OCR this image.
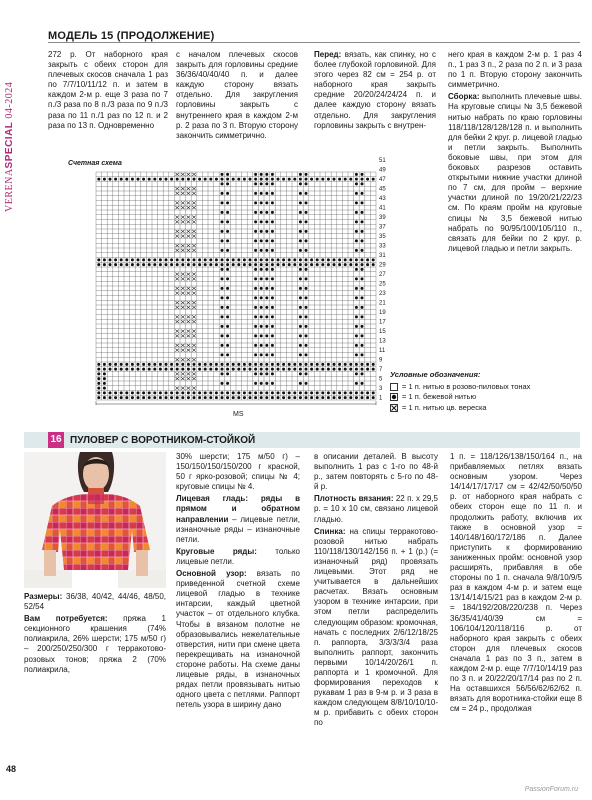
VERENASPECIAL 04-2024
48
МОДЕЛЬ 15 (ПРОДОЛЖЕНИЕ)

272 р. От наборного края закрыть с обеих сторон для плечевых скосов сначала 1 раз по 7/7/10/11/12 п. и затем в каждом 2-м р. еще 3 раза по 7 п./3 раза по 8 п./3 раза по 9 п./3 раза по 11 п./1 раз по 12 п. и 2 раза по 13 п. Одновременно

с началом плечевых скосов закрыть для горловины средние 36/36/40/40/40 п. и далее каждую сторону вязать отдельно. Для закругления горловины закрыть с внутреннего края в каждом 2-м р. 2 раза по 3 п. Вторую сторону закончить симметрично.

Перед: вязать, как спинку, но с более глубокой горловиной. Для этого через 82 см = 254 р. от наборного края закрыть средние 20/20/24/24/24 п. и далее каждую сторону вязать отдельно. Для закругления горловины закрыть с внутрен-

него края в каждом 2-м р. 1 раз 4 п., 1 раз 3 п., 2 раза по 2 п. и 3 раза по 1 п. Вторую сторону закончить симметрично.

Сборка: выполнить плечевые швы. На круговые спицы № 3,5 бежевой нитью набрать по краю горловины 118/118/128/128/128 п. и выполнить для бейки 2 круг. р. лицевой гладью и петли закрыть. Выполнить боковые швы, при этом для боковых разрезов оставить открытыми нижние участки длиной по 7 см, для пройм – верхние участки длиной по 19/20/21/22/23 см. По краям пройм на круговые спицы № 3,5 бежевой нитью набрать по 90/95/100/105/110 п., связать для бейки по 2 круг. р. лицевой гладью и петли закрыть.

Счетная схема	51
49
47
45
43
41
39
37
35
33
31
29
27
25
23
21
19
17
15
13
11
9
7
5
3
1
MS
Условные обозначения:
= 1 п. нитью в розово-пиловых тонах
= 1 п. бежевой нитью
= 1 п. нитью цв. вереска
16 ПУЛОВЕР С ВОРОТНИКОМ-СТОЙКОЙ

Размеры: 36/38, 40/42, 44/46, 48/50, 52/54

Вам потребуется: пряжа 1 секционного крашения (74% полиакрила, 26% шерсти; 175 м/50 г) – 200/250/250/300 г терракотово-розовых тонов; пряжа 2 (70% полиакрила,

30% шерсти; 175 м/50 г) – 150/150/150/150/200 г красной, 50 г ярко-розовой; спицы № 4; круговые спицы № 4.

Лицевая гладь: ряды в прямом и обратном направлении – лицевые петли, изнаночные ряды – изнаночные петли.

Круговые ряды: только лицевые петли.

Основной узор: вязать по приведенной счетной схеме лицевой гладью в технике интарсии, каждый цветной участок – от отдельного клубка. Чтобы в вязаном полотне не образовывались нежелательные отверстия, нити при смене цвета перекрещивать на изнаночной стороне работы. На схеме даны лицевые ряды, в изнаночных рядах петли провязывать нитью одного цвета с петлями. Раппорт петель узора в ширину дано

в описании деталей. В высоту выполнить 1 раз с 1-го по 48-й р., затем повторять с 5-го по 48-й р.

Плотность вязания: 22 п. x 29,5 р. = 10 x 10 см, связано лицевой гладью.

Спинка: на спицы терракотово-розовой нитью набрать 110/118/130/142/156 п. + 1 (р.) (= изнаночный ряд) провязать лицевыми. Этот ряд не учитывается в дальнейших расчетах. Вязать основным узором в технике интарсии, при этом петли распределить следующим образом: кромочная, начать с последних 2/6/12/18/25 п. раппорта, 3/3/3/3/4 раза выполнить раппорт, закончить первыми 10/14/20/26/1 п. раппорта и 1 кромочной. Для формирования переходов к рукавам 1 раз в 9-м р. и 3 раза в каждом следующем 8/8/10/10/10-м р. прибавить с обеих сторон по

1 п. = 118/126/138/150/164 п., на прибавляемых петлях вязать основным узором. Через 14/14/17/17/17 см = 42/42/50/50/50 р. от наборного края набрать с обеих сторон еще по 11 п. и продолжить работу, включив их также в основной узор = 140/148/160/172/186 п. Далее приступить к формированию заниженных пройм: основной узор расширять, прибавляя в обе стороны по 1 п. сначала 9/8/10/9/5 раз в каждом 4-м р. и затем еще 13/14/14/15/21 раз в каждом 2-м р. = 184/192/208/220/238 п. Через 36/35/41/40/39 см = 106/104/120/118/116 р. от наборного края закрыть с обеих сторон для плечевых скосов сначала 1 раз по 3 п., затем в каждом 2-м р. еще 7/7/10/14/19 раз по 3 п. и 20/22/20/17/14 раз по 2 п. На оставшихся 56/56/62/62/62 п. вязать для воротника-стойки еще 8 см = 24 р., продолжая

PassionForum.ru
